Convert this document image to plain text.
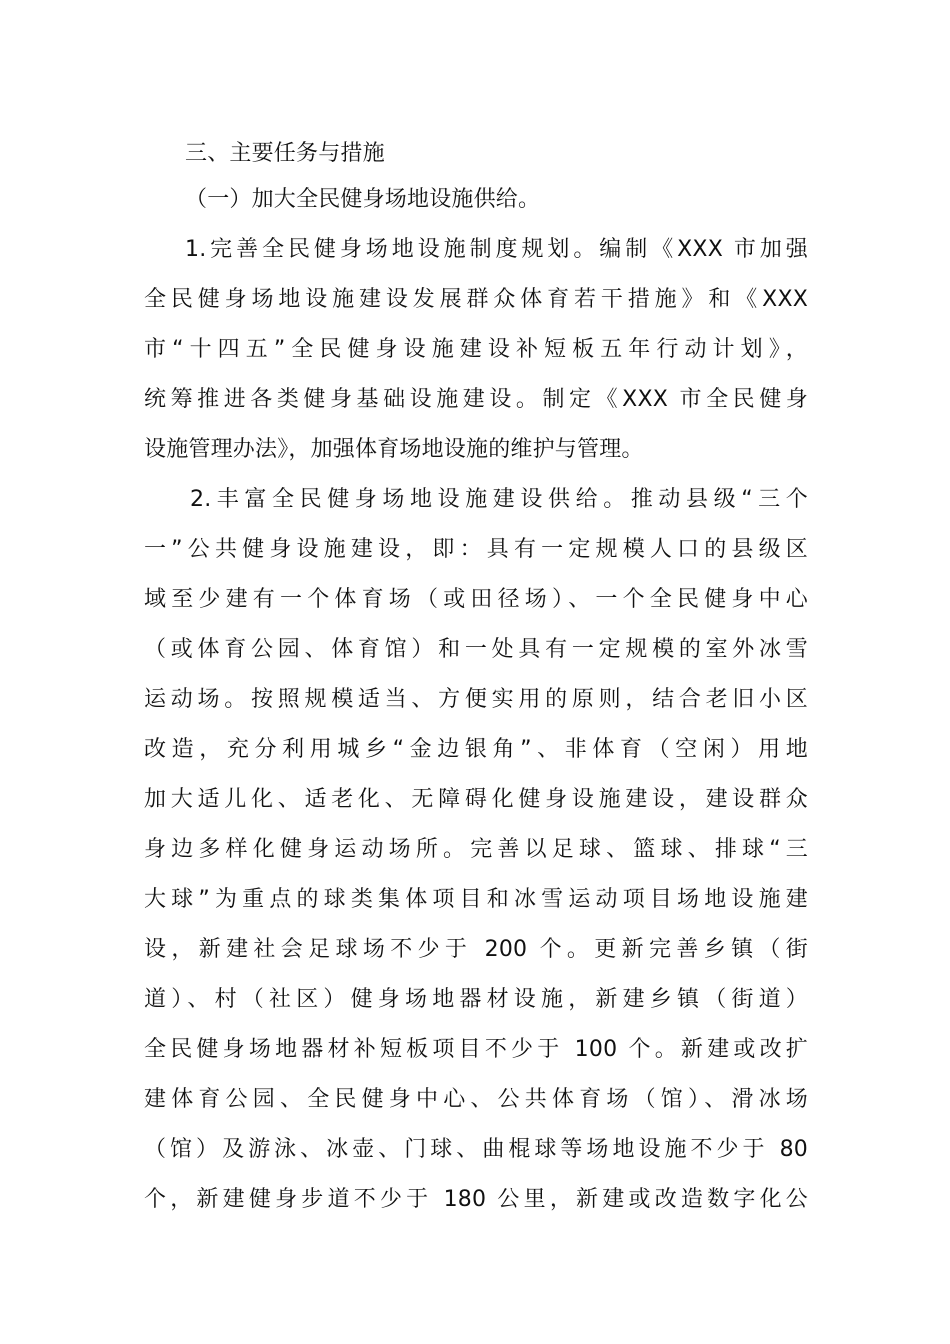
三、主要任务与措施
（一）加大全民健身场地设施供给。
1.完善全民健身场地设施制度规划。编制《XXX 市加强
全民健身场地设施建设发展群众体育若干措施》和《XXX
市“十四五”全民健身设施建设补短板五年行动计划》，
统筹推进各类健身基础设施建设。制定《XXX 市全民健身
设施管理办法》，加强体育场地设施的维护与管理。
2.丰富全民健身场地设施建设供给。推动县级“三个
一”公共健身设施建设，即：具有一定规模人口的县级区
域至少建有一个体育场（或田径场）、一个全民健身中心
（或体育公园、体育馆）和一处具有一定规模的室外冰雪
运动场。按照规模适当、方便实用的原则，结合老旧小区
改造，充分利用城乡“金边银角”、非体育（空闲）用地
加大适儿化、适老化、无障碍化健身设施建设，建设群众
身边多样化健身运动场所。完善以足球、篮球、排球“三
大球”为重点的球类集体项目和冰雪运动项目场地设施建
设，新建社会足球场不少于 200 个。更新完善乡镇（街
道）、村（社区）健身场地器材设施，新建乡镇（街道）
全民健身场地器材补短板项目不少于 100 个。新建或改扩
建体育公园、全民健身中心、公共体育场（馆）、滑冰场
（馆）及游泳、冰壶、门球、曲棍球等场地设施不少于 80
个，新建健身步道不少于 180 公里，新建或改造数字化公
